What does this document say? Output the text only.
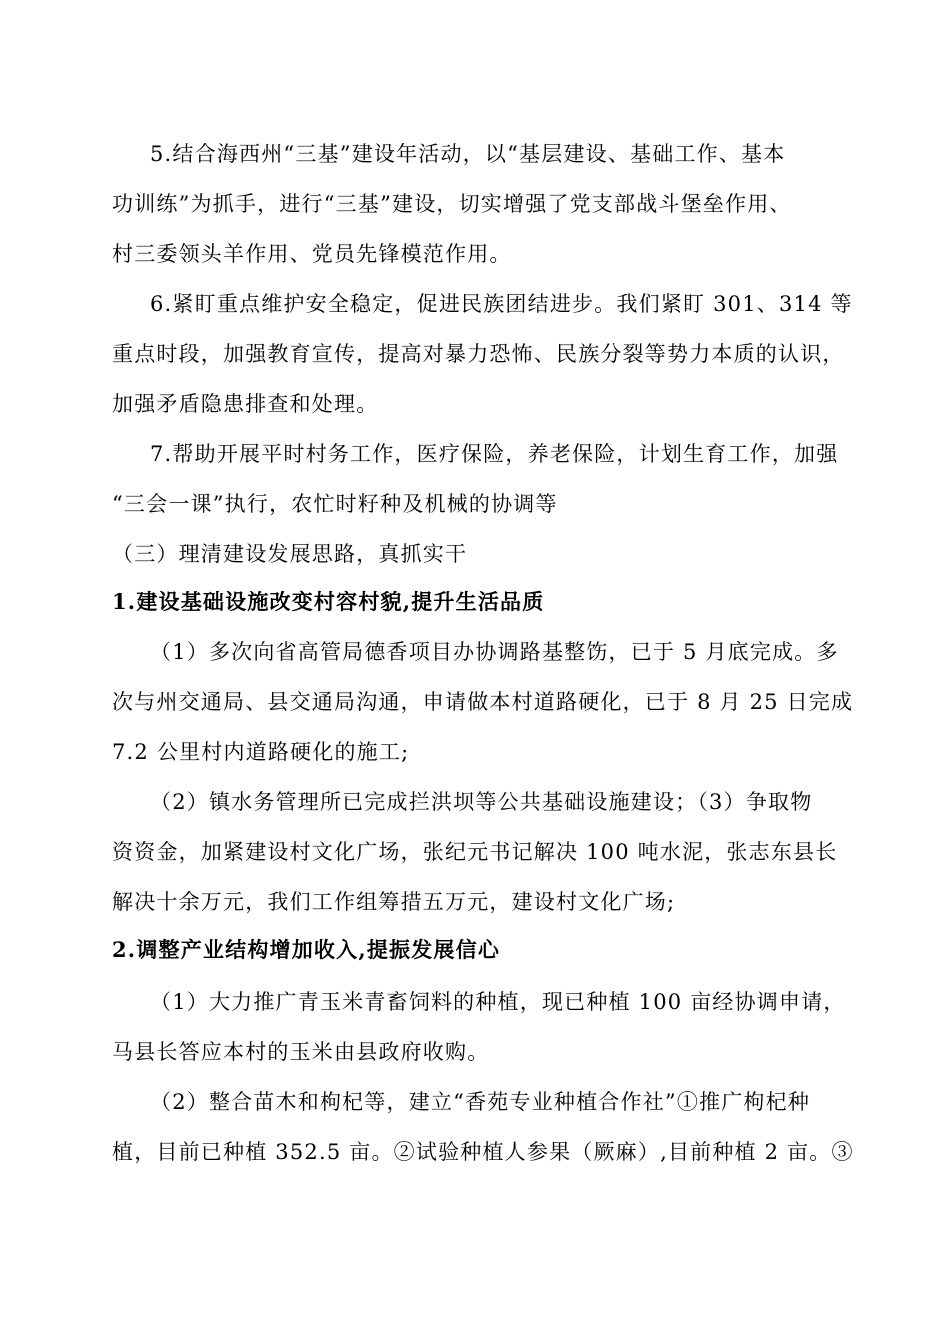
5.结合海西州“三基”建设年活动，以“基层建设、基础工作、基本
功训练”为抓手，进行“三基”建设，切实增强了党支部战斗堡垒作用、
村三委领头羊作用、党员先锋模范作用。
6.紧盯重点维护安全稳定，促进民族团结进步。我们紧盯 301、314 等
重点时段，加强教育宣传，提高对暴力恐怖、民族分裂等势力本质的认识，
加强矛盾隐患排查和处理。
7.帮助开展平时村务工作，医疗保险，养老保险，计划生育工作，加强
“三会一课”执行，农忙时籽种及机械的协调等
（三）理清建设发展思路，真抓实干
1.建设基础设施改变村容村貌,提升生活品质
（1）多次向省高管局德香项目办协调路基整饬，已于 5 月底完成。多
次与州交通局、县交通局沟通，申请做本村道路硬化，已于 8 月 25 日完成
7.2 公里村内道路硬化的施工;
（2）镇水务管理所已完成拦洪坝等公共基础设施建设；（3）争取物
资资金，加紧建设村文化广场，张纪元书记解决 100 吨水泥，张志东县长
解决十余万元，我们工作组筹措五万元，建设村文化广场;
2.调整产业结构增加收入,提振发展信心
（1）大力推广青玉米青畜饲料的种植，现已种植 100 亩经协调申请，
马县长答应本村的玉米由县政府收购。
（2）整合苗木和枸杞等，建立“香苑专业种植合作社”①推广枸杞种
植，目前已种植 352.5 亩。②试验种植人参果（厥麻）,目前种植 2 亩。③
